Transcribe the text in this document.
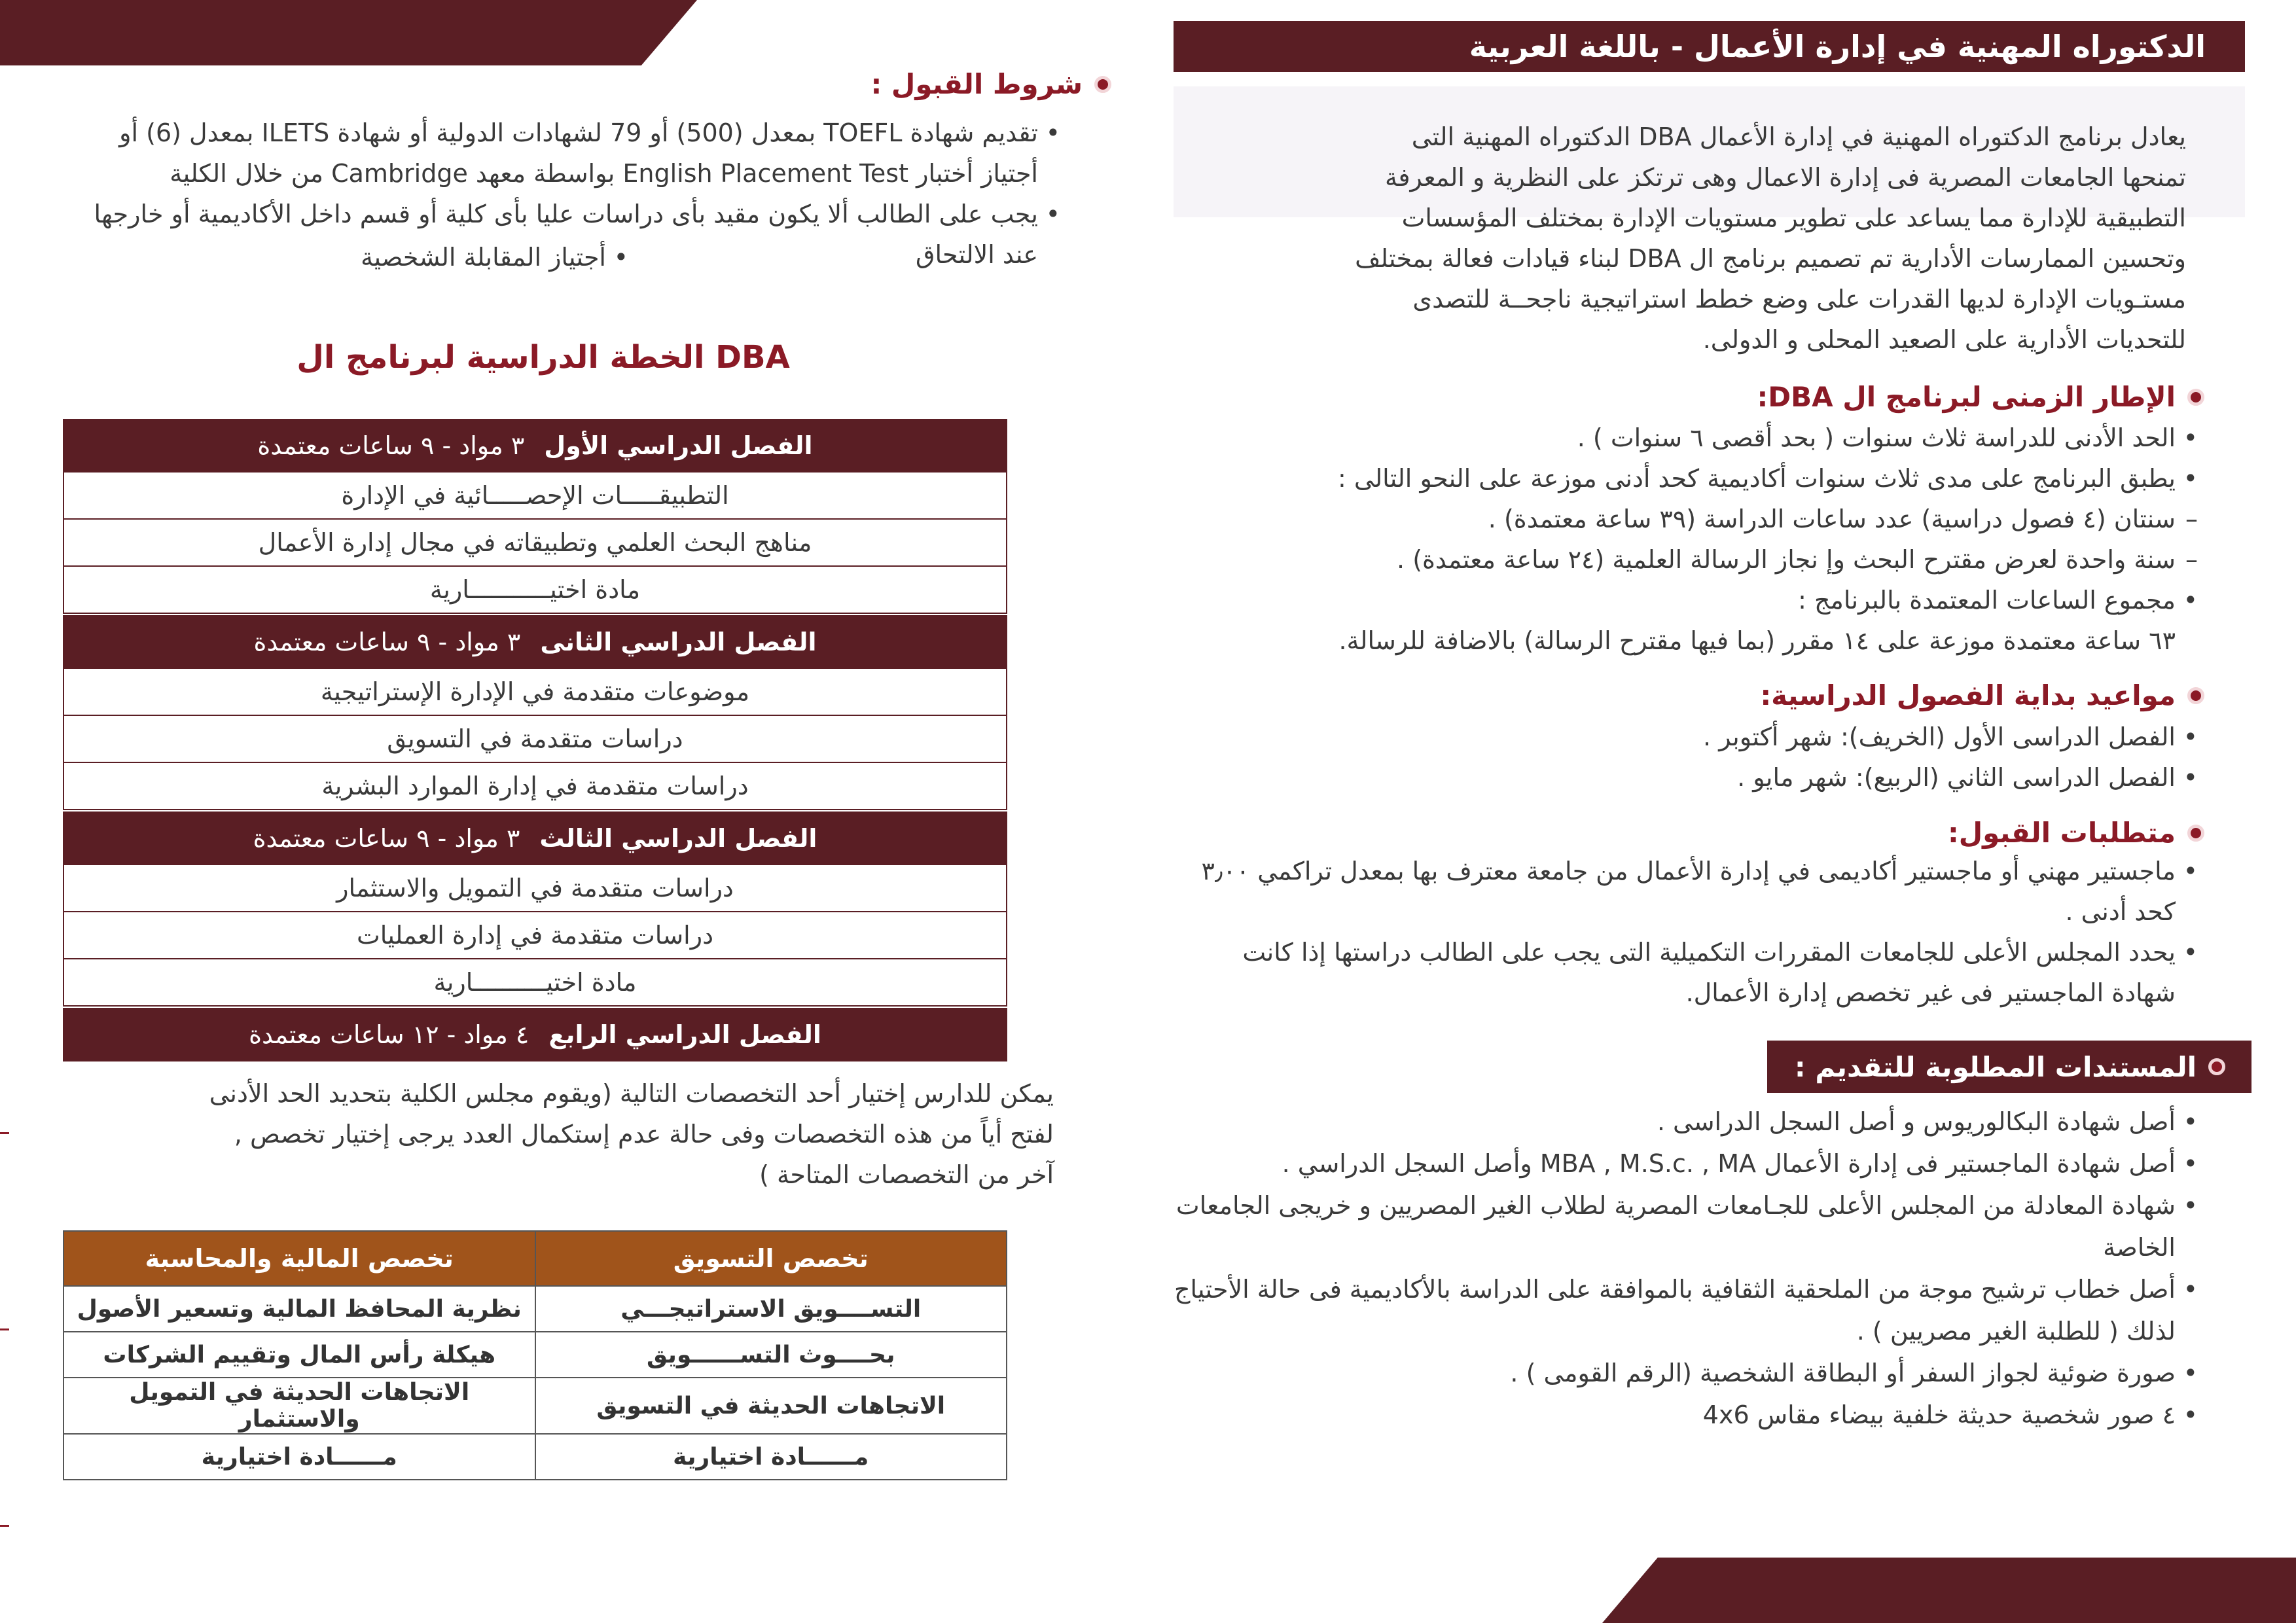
الدكتوراه المهنية في إدارة الأعمال - باللغة العربية
يعادل برنامج الدكتوراه المهنية في إدارة الأعمال DBA الدكتوراه المهنية التى
تمنحها الجامعات المصرية فى إدارة الاعمال وهى ترتكز على النظرية و المعرفة
التطبيقية للإدارة مما يساعد على تطوير مستويات الإدارة بمختلف المؤسسات
وتحسين الممارسات الأدارية تم تصميم برنامج ال DBA لبناء قيادات فعالة بمختلف
مستـويات الإدارة لديها القدرات على وضع خطط استراتيجية ناجحــة للتصدى
للتحديات الأدارية على الصعيد المحلى و الدولى.
الإطار الزمنى لبرنامج ال DBA:
• الحد الأدنى للدراسة ثلاث سنوات ( بحد أقصى ٦ سنوات ) .
• يطبق البرنامج على مدى ثلاث سنوات أكاديمية كحد أدنى موزعة على النحو التالى :
– سنتان (٤ فصول دراسية) عدد ساعات الدراسة (٣٩ ساعة معتمدة) .
– سنة واحدة لعرض مقترح البحث وإ نجاز الرسالة العلمية (٢٤ ساعة معتمدة) .
• مجموع الساعات المعتمدة بالبرنامج :
٦٣ ساعة معتمدة موزعة على ١٤ مقرر (بما فيها مقترح الرسالة) بالاضافة للرسالة.
مواعيد بداية الفصول الدراسية:
• الفصل الدراسى الأول (الخريف): شهر أكتوبر .
• الفصل الدراسى الثاني (الربيع): شهر مايو .
متطلبات القبول:
• ماجستير مهني أو ماجستير أكاديمى في إدارة الأعمال من جامعة معترف بها بمعدل تراكمي ٣٫٠٠ كحد أدنى .
• يحدد المجلس الأعلى للجامعات المقررات التكميلية التى يجب على الطالب دراستها إذا كانت شهادة الماجستير فى غير تخصص إدارة الأعمال.
المستندات المطلوبة للتقديم :
• أصل شهادة البكالوريوس و أصل السجل الدراسى .
• أصل شهادة الماجستير فى إدارة الأعمال MBA , M.S.c. , MA وأصل السجل الدراسي .
• شهادة المعادلة من المجلس الأعلى للجـامعات المصرية لطلاب الغير المصريين و خريجى الجامعات الخاصة
• أصل خطاب ترشيح موجة من الملحقية الثقافية بالموافقة على الدراسة بالأكاديمية فى حالة الأحتياج لذلك ( للطلبة الغير مصريين ) .
• صورة ضوئية لجواز السفر أو البطاقة الشخصية (الرقم القومى ) .
• ٤ صور شخصية حديثة خلفية بيضاء مقاس 4x6
شروط القبول :
• تقديم شهادة TOEFL بمعدل (500) أو 79 لشهادات الدولية أو شهادة ILETS بمعدل (6) أو أجتياز أختبار English Placement Test بواسطة معهد Cambridge من خلال الكلية
• يجب على الطالب ألا يكون مقيد بأى دراسات عليا بأى كلية أو قسم داخل الأكاديمية أو خارجها عند الالتحاق
• أجتياز المقابلة الشخصية
الخطة الدراسية لبرنامج ال DBA
الفصل الدراسي الأول٣ مواد - ٩ ساعات معتمدة
التطبيقـــــات الإحصـــــائية في الإدارة
مناهج البحث العلمي وتطبيقاته في مجال إدارة الأعمال
مادة اختيـــــــــــارية
الفصل الدراسي الثانى٣ مواد - ٩ ساعات معتمدة
موضوعات متقدمة في الإدارة الإستراتيجية
دراسات متقدمة في التسويق
دراسات متقدمة في إدارة الموارد البشرية
الفصل الدراسي الثالث٣ مواد - ٩ ساعات معتمدة
دراسات متقدمة في التمويل والاستثمار
دراسات متقدمة في إدارة العمليات
مادة اختيــــــــــارية
الفصل الدراسي الرابع٤ مواد - ١٢ ساعات معتمدة
يمكن للدارس إختيار أحد التخصصات التالية (ويقوم مجلس الكلية بتحديد الحد الأدنى
لفتح أياً من هذه التخصصات وفى حالة عدم إستكمال العدد يرجى إختيار تخصص ,
آخر من التخصصات المتاحة )
تخصص التسويق	تخصص المالية والمحاسبة
التســــويق الاستراتيجـــي	نظرية المحافظ المالية وتسعير الأصول
بحــــوث التســــــويق	هيكلة رأس المال وتقييم الشركات
الاتجاهات الحديثة في التسويق	الاتجاهات الحديثة في التمويل والاستثمار
مــــــادة اختيارية	مــــــادة اختيارية
